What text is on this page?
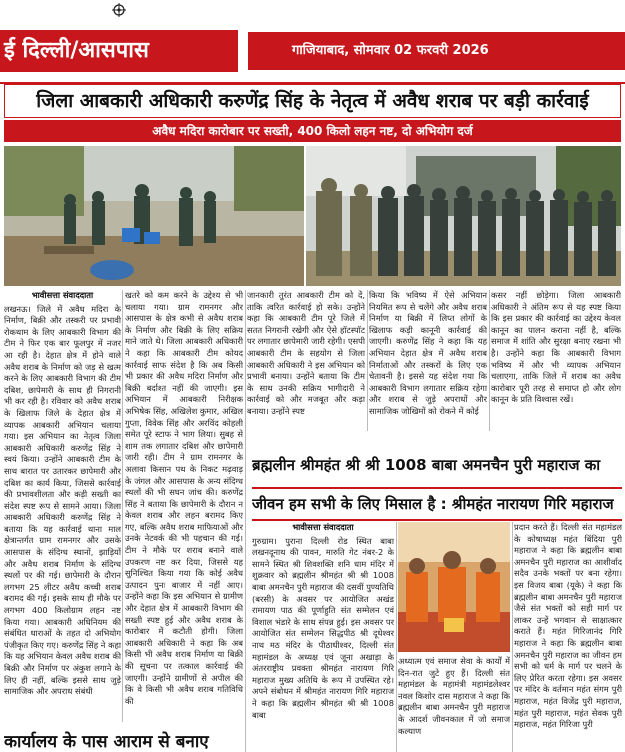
ई दिल्ली/आसपास	गाजियाबाद, सोमवार 02 फरवरी 2026
जिला आबकारी अधिकारी करुणेंद्र सिंह के नेतृत्व में अवैध शराब पर बड़ी कार्रवाई
अवैध मदिरा कारोबार पर सख्ती, 400 किलो लहन नष्ट, दो अभियोग दर्ज
भावीसत्ता संवाददाता
लखनऊ। जिले में अवैध मदिरा के निर्माण, बिक्री और तस्करी पर प्रभावी रोकथाम के लिए आबकारी विभाग की टीम ने फिर एक बार फूलपुर में नजर आ रही है। देहात क्षेत्र में होने वाले अवैध शराब के निर्माण को जड़ से खत्म करने के लिए आबकारी विभाग की टीम दबिश, छापेमारी के साथ ही निगरानी भी कर रही है। रविवार को अवैध शराब के खिलाफ जिले के देहात क्षेत्र में व्यापक आबकारी अभियान चलाया गया। इस अभियान का नेतृत्व जिला आबकारी अधिकारी करुणेंद्र सिंह ने स्वयं किया। उन्होंने आबकारी टीम के साथ बारात पर उतारकर छापेमारी और दबिश का कार्य किया, जिससे कार्रवाई की प्रभावशीलता और कड़ी सख्ती का संदेश स्पष्ट रूप से सामने आया। जिला आबकारी अधिकारी करुणेंद्र सिंह ने बताया कि यह कार्रवाई थाना माल क्षेत्रान्तर्गत ग्राम रामनगर और उसके आसपास के संदिग्ध स्थानों, झाड़ियों और अवैध शराब निर्माण के संदिग्ध स्थलों पर की गई। छापेमारी के दौरान लगभग 25 लीटर अवैध कच्ची शराब बरामद की गई। इसके साथ ही मौके पर लगभग 400 किलोग्राम लहन नष्ट किया गया। आबकारी अधिनियम की संबंधित धाराओं के तहत दो अभियोग पंजीकृत किए गए। करुणेंद्र सिंह ने कहा कि यह अभियान केवल अवैध शराब की बिक्री और निर्माण पर अंकुश लगाने के लिए ही नहीं, बल्कि इससे साथ जुड़े सामाजिक और अपराध संबंधी
खतरे को कम करने के उद्देश्य से भी चलाया गया। ग्राम रामनगर और आसपास के क्षेत्र कभी से अवैध शराब के निर्माण और बिक्री के लिए सक्रिय माने जाते थे। जिला आबकारी अधिकारी ने कहा कि आबकारी टीम कोयद कार्रवाई साफ संदेश है कि अब किसी भी प्रकार की अवैध मदिरा निर्माण और बिक्री बर्दाश्त नहीं की जाएगी। इस अभियान में आबकारी निरीक्षक अभिषेक सिंह, अखिलेश कुमार, अखिल गुप्ता, विवेक सिंह और अरविंद कोहली समेत पूरे स्टाफ ने भाग लिया। सुबह से शाम तक लगातार दबिश और छापेमारी जारी रही। टीम ने ग्राम रामनगर के अलावा किसान पथ के निकट मढ़वाड़ के जंगल और आसपास के अन्य संदिग्ध स्थलों की भी सघन जांच की। करुणेंद्र सिंह ने बताया कि छापेमारी के दौरान न केवल शराब और लहन बरामद किए गए, बल्कि अवैध शराब माफियाओं और उनके नेटवर्क की भी पहचान की गई। टीम ने मौके पर शराब बनाने वाले उपकरण नष्ट कर दिया, जिससे यह सुनिश्चित किया गया कि कोई अवैध उत्पादन पुनः बाजार में नहीं आए। उन्होंने कहा कि इस अभियान से ग्रामीण और देहात क्षेत्र में आबकारी विभाग की सख्ती स्पष्ट हुई और अवैध शराब के कारोबार में कटौती होगी। जिला आबकारी अधिकारी ने कहा कि अब किसी भी अवैध शराब निर्माण या बिक्री की सूचना पर तत्काल कार्रवाई की जाएगी। उन्होंने ग्रामीणों से अपील की कि वे किसी भी अवैध शराब गतिविधि की
जानकारी तुरंत आबकारी टीम को दें, ताकि त्वरित कार्रवाई हो सके। उन्होंने कहा कि आबकारी टीम पूरे जिले में सतत निगरानी रखेगी और ऐसे हॉटस्पॉट पर लगातार छापेमारी जारी रहेगी। एसपी आबकारी टीम के सहयोग से जिला आबकारी अधिकारी ने इस अभियान को प्रभावी बनाया। उन्होंने बताया कि टीम के साथ उनकी सक्रिय भागीदारी ने कार्रवाई को और मजबूत और कड़ा बनाया। उन्होंने स्पष्ट
किया कि भविष्य में ऐसे अभियान नियमित रूप से चलेंगे और अवैध शराब निर्माण या बिक्री में लिप्त लोगों के खिलाफ कड़ी कानूनी कार्रवाई की जाएगी। करुणेंद्र सिंह ने कहा कि यह अभियान देहात क्षेत्र में अवैध शराब निर्माताओं और तस्करों के लिए एक चेतावनी है। इससे यह संदेश गया कि आबकारी विभाग लगातार सक्रिय रहेगा और शराब से जुड़े अपराधों और सामाजिक जोखिमों को रोकने में कोई
कसर नहीं छोड़ेगा। जिला आबकारी अधिकारी ने अंतिम रूप से यह स्पष्ट किया कि इस प्रकार की कार्रवाई का उद्देश्य केवल कानून का पालन कराना नहीं है, बल्कि समाज में शांति और सुरक्षा बनाए रखना भी है। उन्होंने कहा कि आबकारी विभाग भविष्य में और भी व्यापक अभियान चलाएगा, ताकि जिले में शराब का अवैध कारोबार पूरी तरह से समाप्त हो और लोग कानून के प्रति विश्वास रखें।
ब्रह्मलीन श्रीमहंत श्री श्री 1008 बाबा अमनचैन पुरी महाराज का
जीवन हम सभी के लिए मिसाल है : श्रीमहंत नारायण गिरि महाराज
भावीसत्ता संवाददाता
गुरुग्राम। पुराना दिल्ली रोड स्थित बाबा लखनदूनाथ की पावन, मारुति गेट नंबर-2 के सामने स्थित श्री शिवशक्ति शनि धाम मंदिर में शुक्रवार को ब्रह्मलीन श्रीमहंत श्री श्री 1008 बाबा अमनचैन पुरी महाराज की दसवीं पुण्यतिथि (बरसी) के अवसर पर आयोजित अखंड रामायण पाठ की पूर्णाहुति संत सम्मेलन एवं विशाल भंडारे के साथ संपन्न हुई। इस अवसर पर आयोजित संत सम्मेलन सिद्धपीठ श्री दूधेश्वर नाथ मठ मंदिर के पीठाधीश्वर, दिल्ली संत महामंडल के अध्यक्ष एवं जूना अखाड़ा के अंतरराष्ट्रीय प्रवक्ता श्रीमहंत नारायण गिरि महाराज मुख्य अतिथि के रूप में उपस्थित रहे। अपने संबोधन में श्रीमहंत नारायण गिरि महाराज ने कहा कि ब्रह्मलीन श्रीमहंत श्री श्री 1008 बाबा
अध्यात्म एवं समाज सेवा के कार्यों में दिन-रात जुटे हुए हैं। दिल्ली संत महामंडल के महामंत्री महामंडलेश्वर नवल किशोर दास महाराज ने कहा कि ब्रह्मलीन बाबा अमनचैन पुरी महाराज के आदर्श जीवनकाल में जो समाज कल्याण
प्रदान करते हैं। दिल्ली संत महामंडल के कोषाध्यक्ष महंत बिंदिया पुरी महाराज ने कहा कि ब्रह्मलीन बाबा अमनचैन पुरी महाराज का आशीर्वाद सदैव उनके भक्तों पर बना रहेगा। इस विजय बाबा (यूके) ने कहा कि ब्रह्मलीन बाबा अमनचैन पुरी महाराज जैसे संत भक्तों को सही मार्ग पर लाकर उन्हें भगवान से साक्षात्कार कराते हैं। महंत गिरिजानंद गिरि महाराज ने कहा कि ब्रह्मलीन बाबा अमनचैन पुरी महाराज का जीवन हम सभी को धर्म के मार्ग पर चलने के लिए प्रेरित करता रहेगा। इस अवसर पर मंदिर के वर्तमान महंत संगम पुरी महाराज, महंत विजेंद्र पुरी महाराज, महंत पुरी महाराज, महंत सेवक पुरी महाराज, महंत गिरिजा पुरी
कार्यालय के पास आराम से बनाए
